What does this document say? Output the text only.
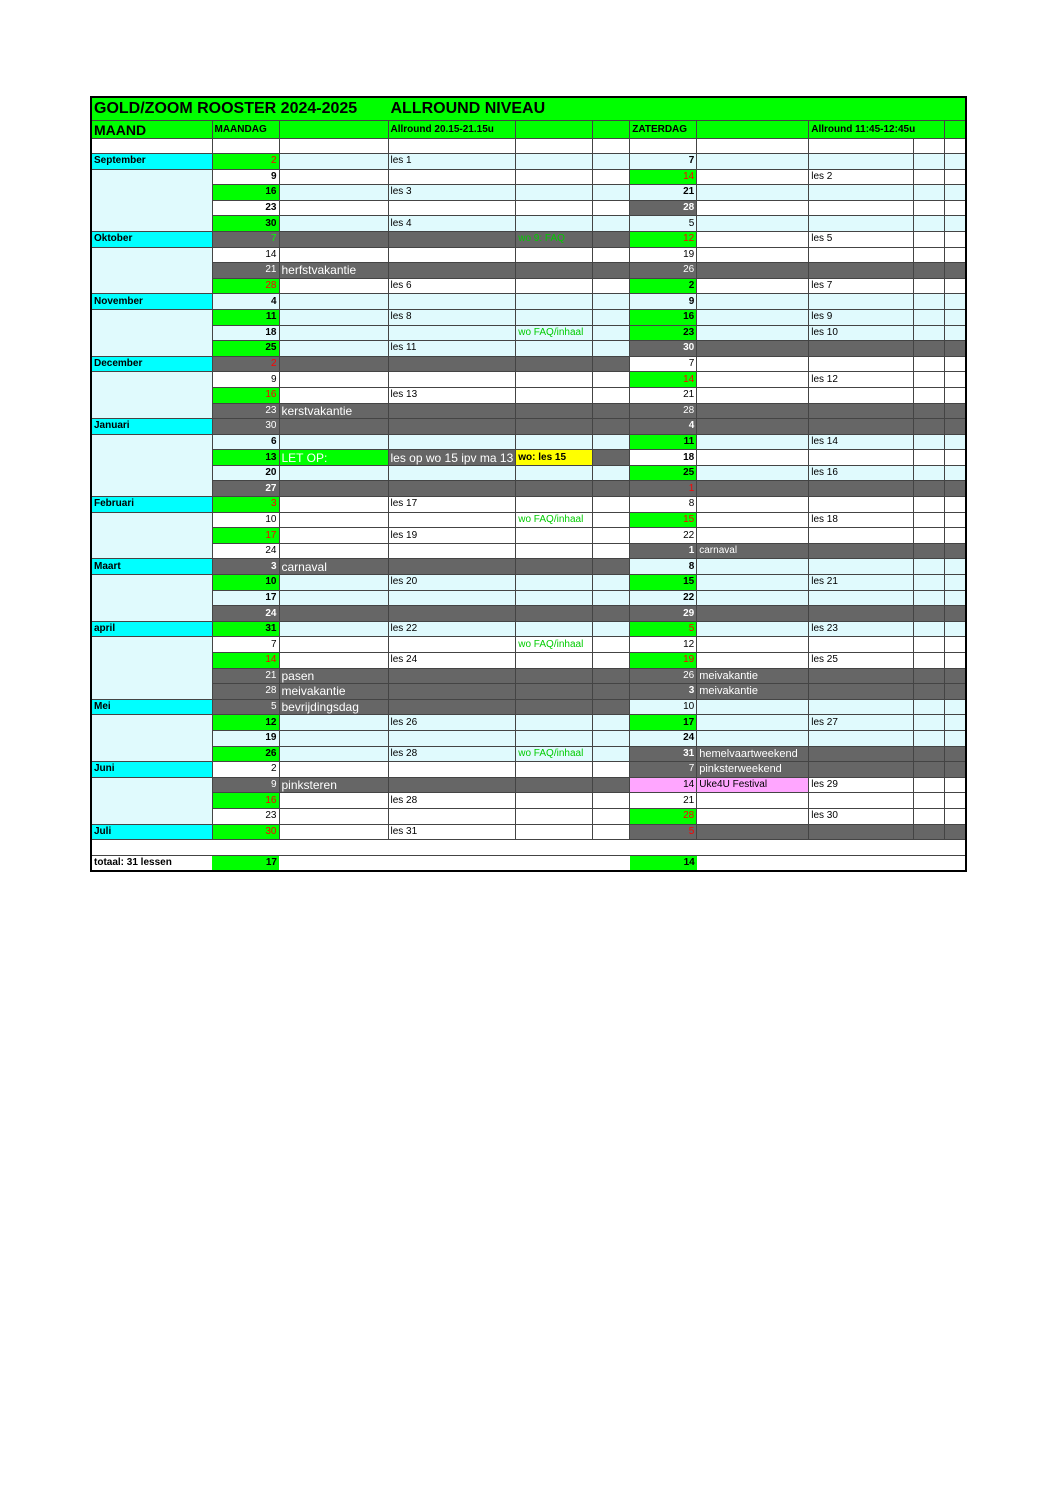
GOLD/ZOOM ROOSTER 2024-2025			ALLROUND NIVEAU							
MAAND	MAANDAG		Allround 20.15-21.15u			ZATERDAG		Allround 11:45-12:45u		

September	2		les 1			7				
	9					14		les 2		
	16		les 3			21				
	23					28				
	30		les 4			5				
Oktober	7			wo 9: FAQ		12		les 5		
	14					19				
	21	herfstvakantie				26				
	28		les 6			2		les 7		
November	4					9				
	11		les 8			16		les 9		
	18			wo FAQ/inhaal		23		les 10		
	25		les 11			30				
December	2					7				
	9					14		les 12		
	16		les 13			21				
	23	kerstvakantie				28				
Januari	30					4				
	6					11		les 14		
	13	LET OP:	les op wo 15 ipv ma 13	wo: les 15		18				
	20					25		les 16		
	27					1				
Februari	3		les 17			8				
	10			wo FAQ/inhaal		15		les 18		
	17		les 19			22				
	24					1	carnaval			
Maart	3	carnaval				8				
	10		les 20			15		les 21		
	17					22				
	24					29				
april	31		les 22			5		les 23		
	7			wo FAQ/inhaal		12				
	14		les 24			19		les 25		
	21	pasen				26	meivakantie			
	28	meivakantie				3	meivakantie			
Mei	5	bevrijdingsdag				10				
	12		les 26			17		les 27		
	19					24				
	26		les 28	wo FAQ/inhaal		31	hemelvaartweekend			
Juni	2					7	pinksterweekend			
	9	pinksteren				14	Uke4U Festival	les 29		
	16		les 28			21				
	23					28		les 30		
Juli	30		les 31			5				

totaal: 31 lessen	17					14				
